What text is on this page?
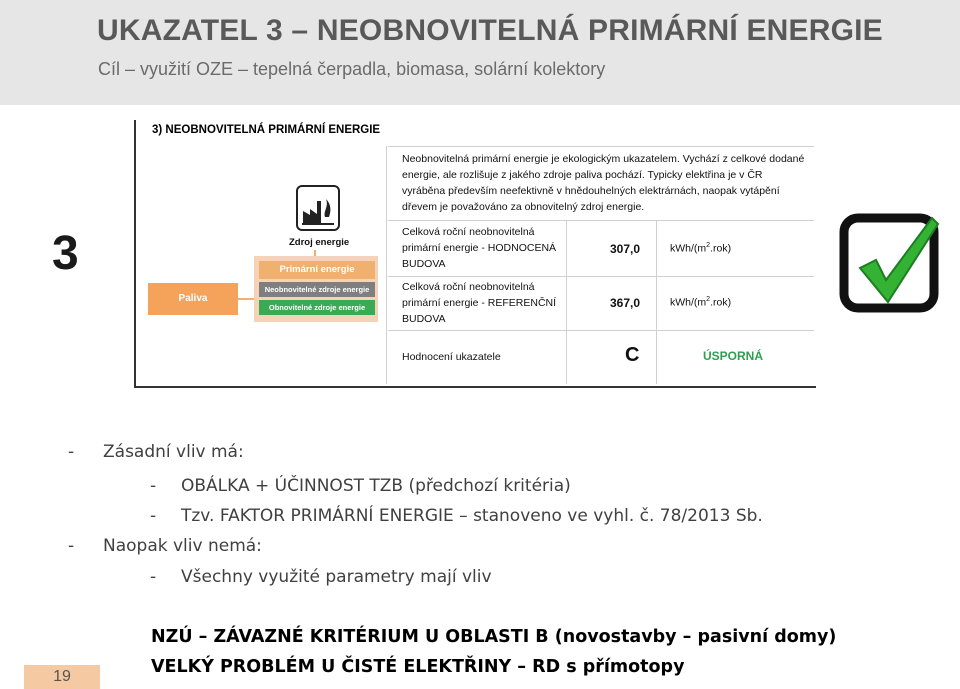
UKAZATEL 3 – NEOBNOVITELNÁ PRIMÁRNÍ ENERGIE
Cíl – využití OZE – tepelná čerpadla, biomasa, solární kolektory
3
3) NEOBNOVITELNÁ PRIMÁRNÍ ENERGIE
Neobnovitelná primární energie je ekologickým ukazatelem. Vychází z celkové dodané
energie, ale rozlišuje z jakého zdroje paliva pochází. Typicky elektřina je v ČR
vyráběna především neefektivně v hnědouhelných elektrárnách, naopak vytápění
dřevem je považováno za obnovitelný zdroj energie.
Celková roční neobnovitelná
primární energie - HODNOCENÁ
BUDOVA
307,0	kWh/$(m^2.rok)$
Celková roční neobnovitelná
primární energie - REFERENČNÍ
BUDOVA
367,0	kWh/$(m^2.rok)$
Hodnocení ukazatele	C	ÚSPORNÁ
Zdroj energie
Primární energie
Neobnovitelné zdroje energie
Obnovitelné zdroje energie
Paliva
- Zásadní vliv má:
- OBÁLKA + ÚČINNOST TZB (předchozí kritéria)
- Tzv. FAKTOR PRIMÁRNÍ ENERGIE – stanoveno ve vyhl. č. 78/2013 Sb.
- Naopak vliv nemá:
- Všechny využité parametry mají vliv
NZÚ – ZÁVAZNÉ KRITÉRIUM U OBLASTI B (novostavby – pasivní domy)
VELKÝ PROBLÉM U ČISTÉ ELEKTŘINY – RD s přímotopy
19
